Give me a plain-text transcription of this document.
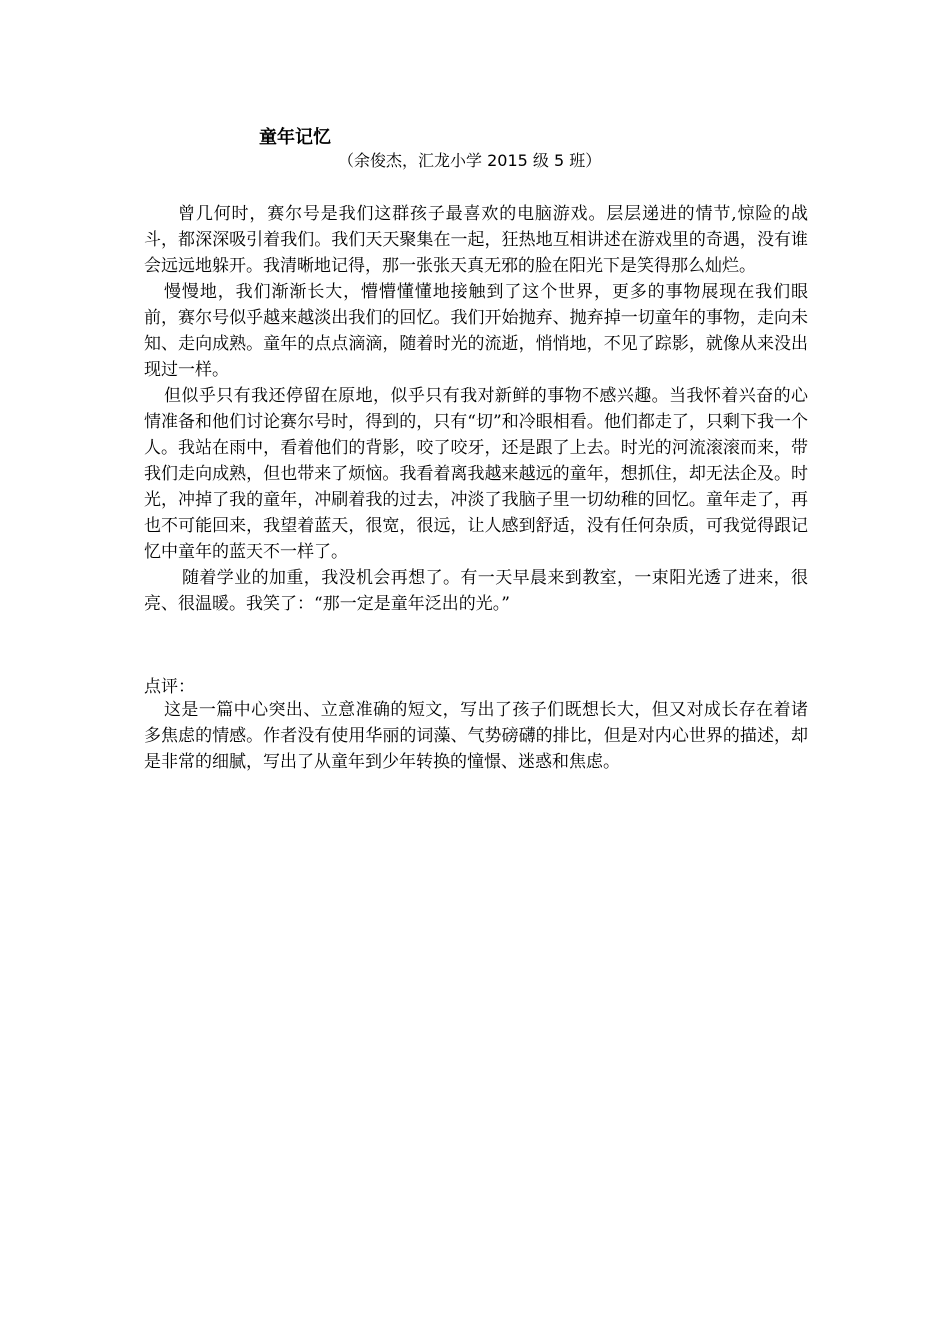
童年记忆
（余俊杰，汇龙小学 2015 级 5 班）

曾几何时，赛尔号是我们这群孩子最喜欢的电脑游戏。层层递进的情节,惊险的战斗，都深深吸引着我们。我们天天聚集在一起，狂热地互相讲述在游戏里的奇遇，没有谁会远远地躲开。我清晰地记得，那一张张天真无邪的脸在阳光下是笑得那么灿烂。

慢慢地，我们渐渐长大，懵懵懂懂地接触到了这个世界，更多的事物展现在我们眼前，赛尔号似乎越来越淡出我们的回忆。我们开始抛弃、抛弃掉一切童年的事物，走向未知、走向成熟。童年的点点滴滴，随着时光的流逝，悄悄地，不见了踪影，就像从来没出现过一样。

但似乎只有我还停留在原地，似乎只有我对新鲜的事物不感兴趣。当我怀着兴奋的心情准备和他们讨论赛尔号时，得到的，只有“切”和冷眼相看。他们都走了，只剩下我一个人。我站在雨中，看着他们的背影，咬了咬牙，还是跟了上去。时光的河流滚滚而来，带我们走向成熟，但也带来了烦恼。我看着离我越来越远的童年，想抓住，却无法企及。时光，冲掉了我的童年，冲刷着我的过去，冲淡了我脑子里一切幼稚的回忆。童年走了，再也不可能回来，我望着蓝天，很宽，很远，让人感到舒适，没有任何杂质，可我觉得跟记忆中童年的蓝天不一样了。

随着学业的加重，我没机会再想了。有一天早晨来到教室，一束阳光透了进来，很亮、很温暖。我笑了：“那一定是童年泛出的光。”

点评：

这是一篇中心突出、立意准确的短文，写出了孩子们既想长大，但又对成长存在着诸多焦虑的情感。作者没有使用华丽的词藻、气势磅礴的排比，但是对内心世界的描述，却是非常的细腻，写出了从童年到少年转换的憧憬、迷惑和焦虑。
